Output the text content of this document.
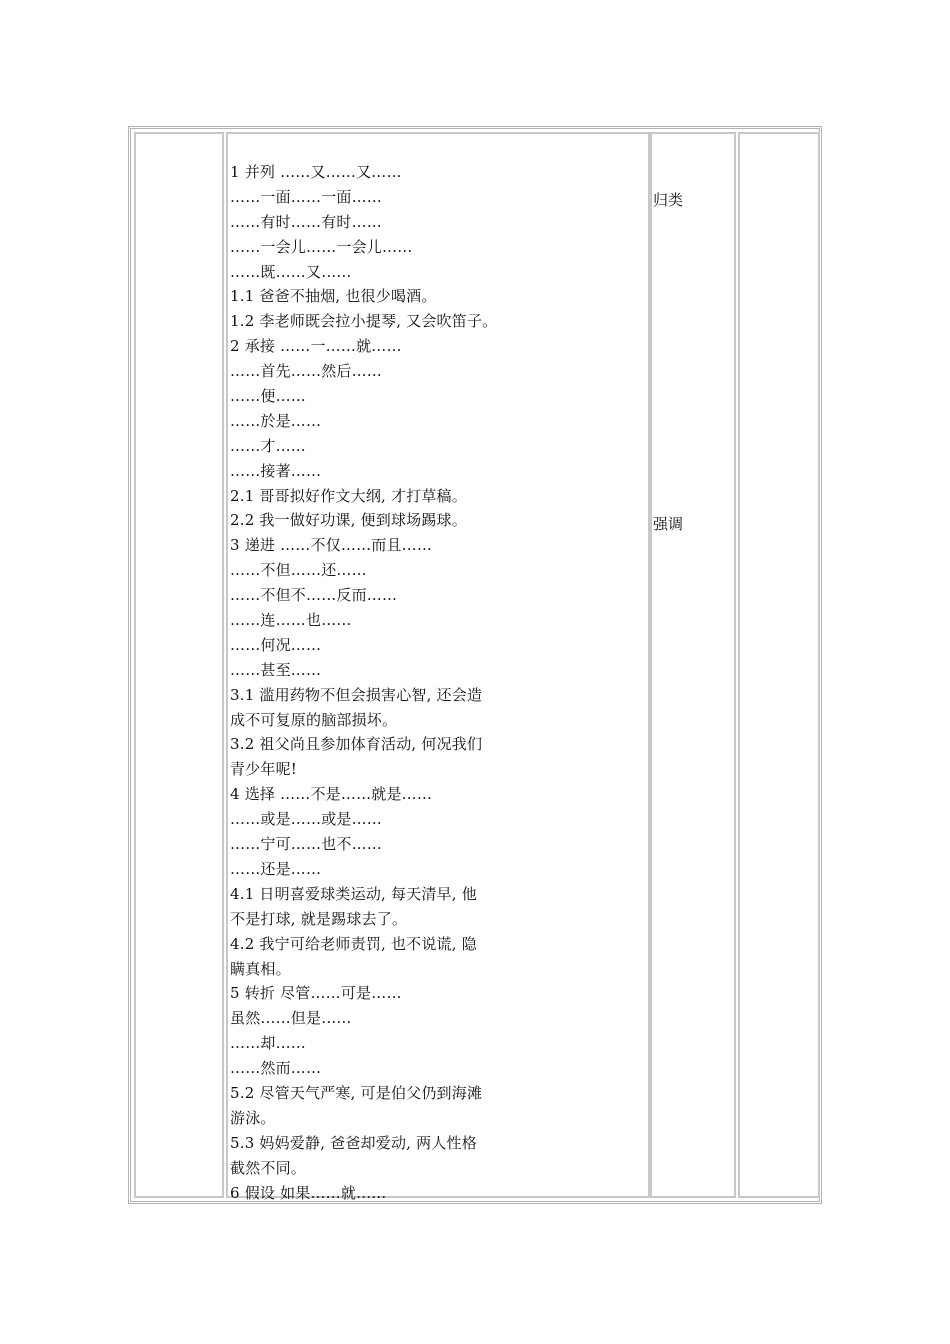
1 并列 ……又……又……
……一面……一面……
……有时……有时……
……一会儿……一会儿……
……既……又……
1.1 爸爸不抽烟, 也很少喝酒。
1.2 李老师既会拉小提琴, 又会吹笛子。
2 承接 ……一……就……
……首先……然后……
……便……
……於是……
……才……
……接著……
2.1 哥哥拟好作文大纲, 才打草稿。
2.2 我一做好功课, 便到球场踢球。
3 递进 ……不仅……而且……
……不但……还……
……不但不……反而……
……连……也……
……何况……
……甚至……
3.1 滥用药物不但会损害心智, 还会造
成不可复原的脑部损坏。
3.2 祖父尚且参加体育活动, 何况我们
青少年呢!
4 选择 ……不是……就是……
……或是……或是……
……宁可……也不……
……还是……
4.1 日明喜爱球类运动, 每天清早, 他
不是打球, 就是踢球去了。
4.2 我宁可给老师责罚, 也不说谎, 隐
瞒真相。
5 转折 尽管……可是……
虽然……但是……
……却……
……然而……
5.2 尽管天气严寒, 可是伯父仍到海滩
游泳。
5.3 妈妈爱静, 爸爸却爱动, 两人性格
截然不同。
6 假设 如果……就……
归类
强调
